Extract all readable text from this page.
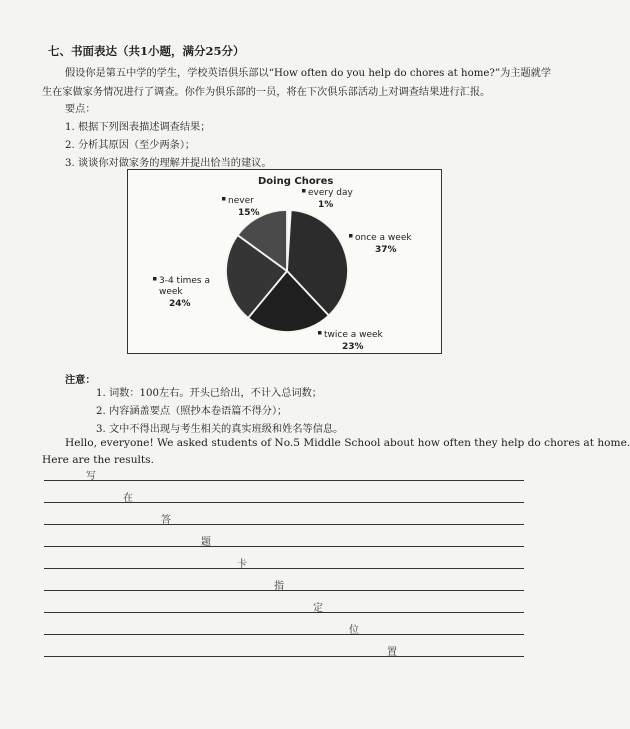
七、书面表达（共1小题，满分25分）
假设你是第五中学的学生，学校英语俱乐部以“How often do you help do chores at home?”为主题就学
生在家做家务情况进行了调查。你作为俱乐部的一员，将在下次俱乐部活动上对调查结果进行汇报。
要点：
1. 根据下列图表描述调查结果；
2. 分析其原因（至少两条）；
3. 谈谈你对做家务的理解并提出恰当的建议。
Doing Chores
every day
1%
once a week
37%
twice a week
23%
3-4 times a
week
24%
never
15%
注意：
1. 词数：100左右。开头已给出，不计入总词数；
2. 内容涵盖要点（照抄本卷语篇不得分）；
3. 文中不得出现与考生相关的真实班级和姓名等信息。
Hello, everyone! We asked students of No.5 Middle School about how often they help do chores at home.
Here are the results.
写
在
答
题
卡
指
定
位
置
